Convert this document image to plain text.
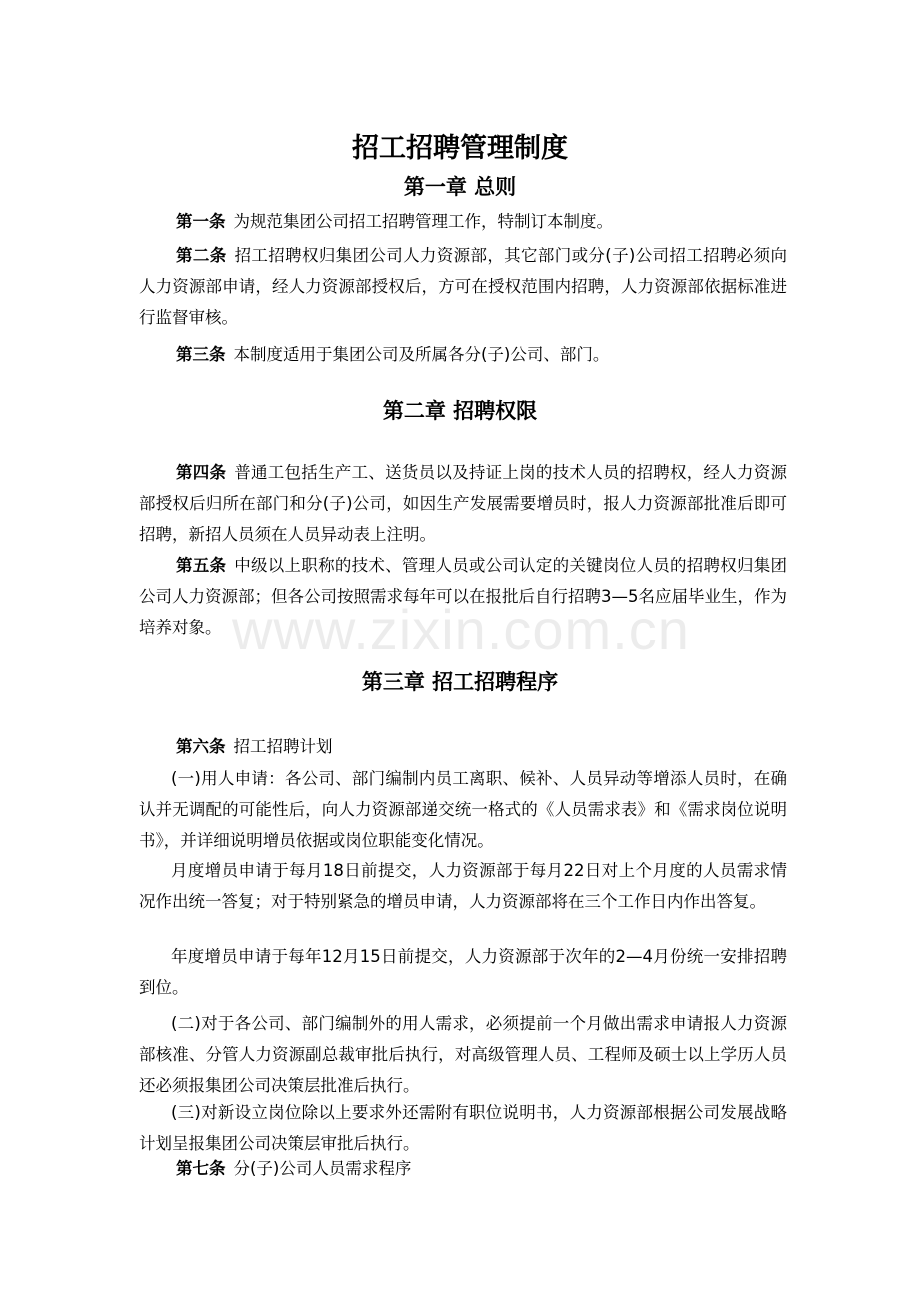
招工招聘管理制度
第一章 总则
第一条 为规范集团公司招工招聘管理工作，特制订本制度。
第二条 招工招聘权归集团公司人力资源部，其它部门或分(子)公司招工招聘必须向人力资源部申请，经人力资源部授权后，方可在授权范围内招聘，人力资源部依据标准进行监督审核。
第三条 本制度适用于集团公司及所属各分(子)公司、部门。
第二章 招聘权限
第四条 普通工包括生产工、送货员以及持证上岗的技术人员的招聘权，经人力资源部授权后归所在部门和分(子)公司，如因生产发展需要增员时，报人力资源部批准后即可招聘，新招人员须在人员异动表上注明。
第五条 中级以上职称的技术、管理人员或公司认定的关键岗位人员的招聘权归集团公司人力资源部；但各公司按照需求每年可以在报批后自行招聘3—5名应届毕业生，作为培养对象。
第三章 招工招聘程序
第六条 招工招聘计划
(一)用人申请：各公司、部门编制内员工离职、候补、人员异动等增添人员时，在确认并无调配的可能性后，向人力资源部递交统一格式的《人员需求表》和《需求岗位说明书》，并详细说明增员依据或岗位职能变化情况。
月度增员申请于每月18日前提交，人力资源部于每月22日对上个月度的人员需求情况作出统一答复；对于特别紧急的增员申请，人力资源部将在三个工作日内作出答复。
年度增员申请于每年12月15日前提交，人力资源部于次年的2—4月份统一安排招聘到位。
(二)对于各公司、部门编制外的用人需求，必须提前一个月做出需求申请报人力资源部核准、分管人力资源副总裁审批后执行，对高级管理人员、工程师及硕士以上学历人员还必须报集团公司决策层批准后执行。
(三)对新设立岗位除以上要求外还需附有职位说明书，人力资源部根据公司发展战略计划呈报集团公司决策层审批后执行。
第七条 分(子)公司人员需求程序
www.zixin.com.cn
